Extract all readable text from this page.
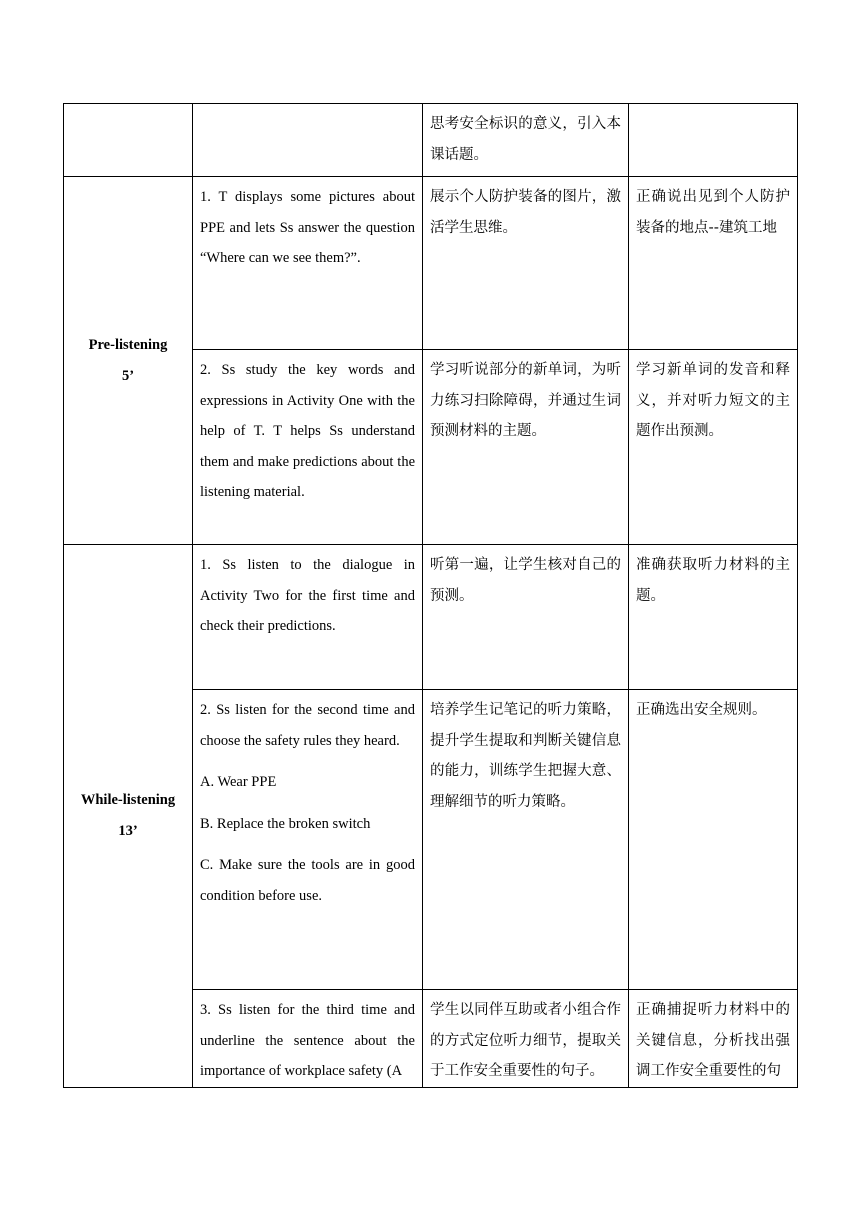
		思考安全标识的意义，引入本课话题。	

Pre-listening

5’	1. T displays some pictures about PPE and lets Ss answer the question “Where can we see them?”.	展示个人防护装备的图片，激活学生思维。	正确说出见到个人防护装备的地点--建筑工地

	2. Ss study the key words and expressions in Activity One with the help of T. T helps Ss understand them and make predictions about the listening material.	学习听说部分的新单词，为听力练习扫除障碍，并通过生词预测材料的主题。	学习新单词的发音和释义，并对听力短文的主题作出预测。

While-listening

13’	1. Ss listen to the dialogue in Activity Two for the first time and check their predictions.	听第一遍，让学生核对自己的预测。	准确获取听力材料的主题。

	2. Ss listen for the second time and choose the safety rules they heard.

A. Wear PPE

B. Replace the broken switch

C. Make sure the tools are in good condition before use.	培养学生记笔记的听力策略，提升学生提取和判断关键信息的能力，训练学生把握大意、理解细节的听力策略。	正确选出安全规则。

	3. Ss listen for the third time and underline the sentence about the importance of workplace safety (A	学生以同伴互助或者小组合作的方式定位听力细节，提取关于工作安全重要性的句子。	正确捕捉听力材料中的关键信息，分析找出强调工作安全重要性的句
